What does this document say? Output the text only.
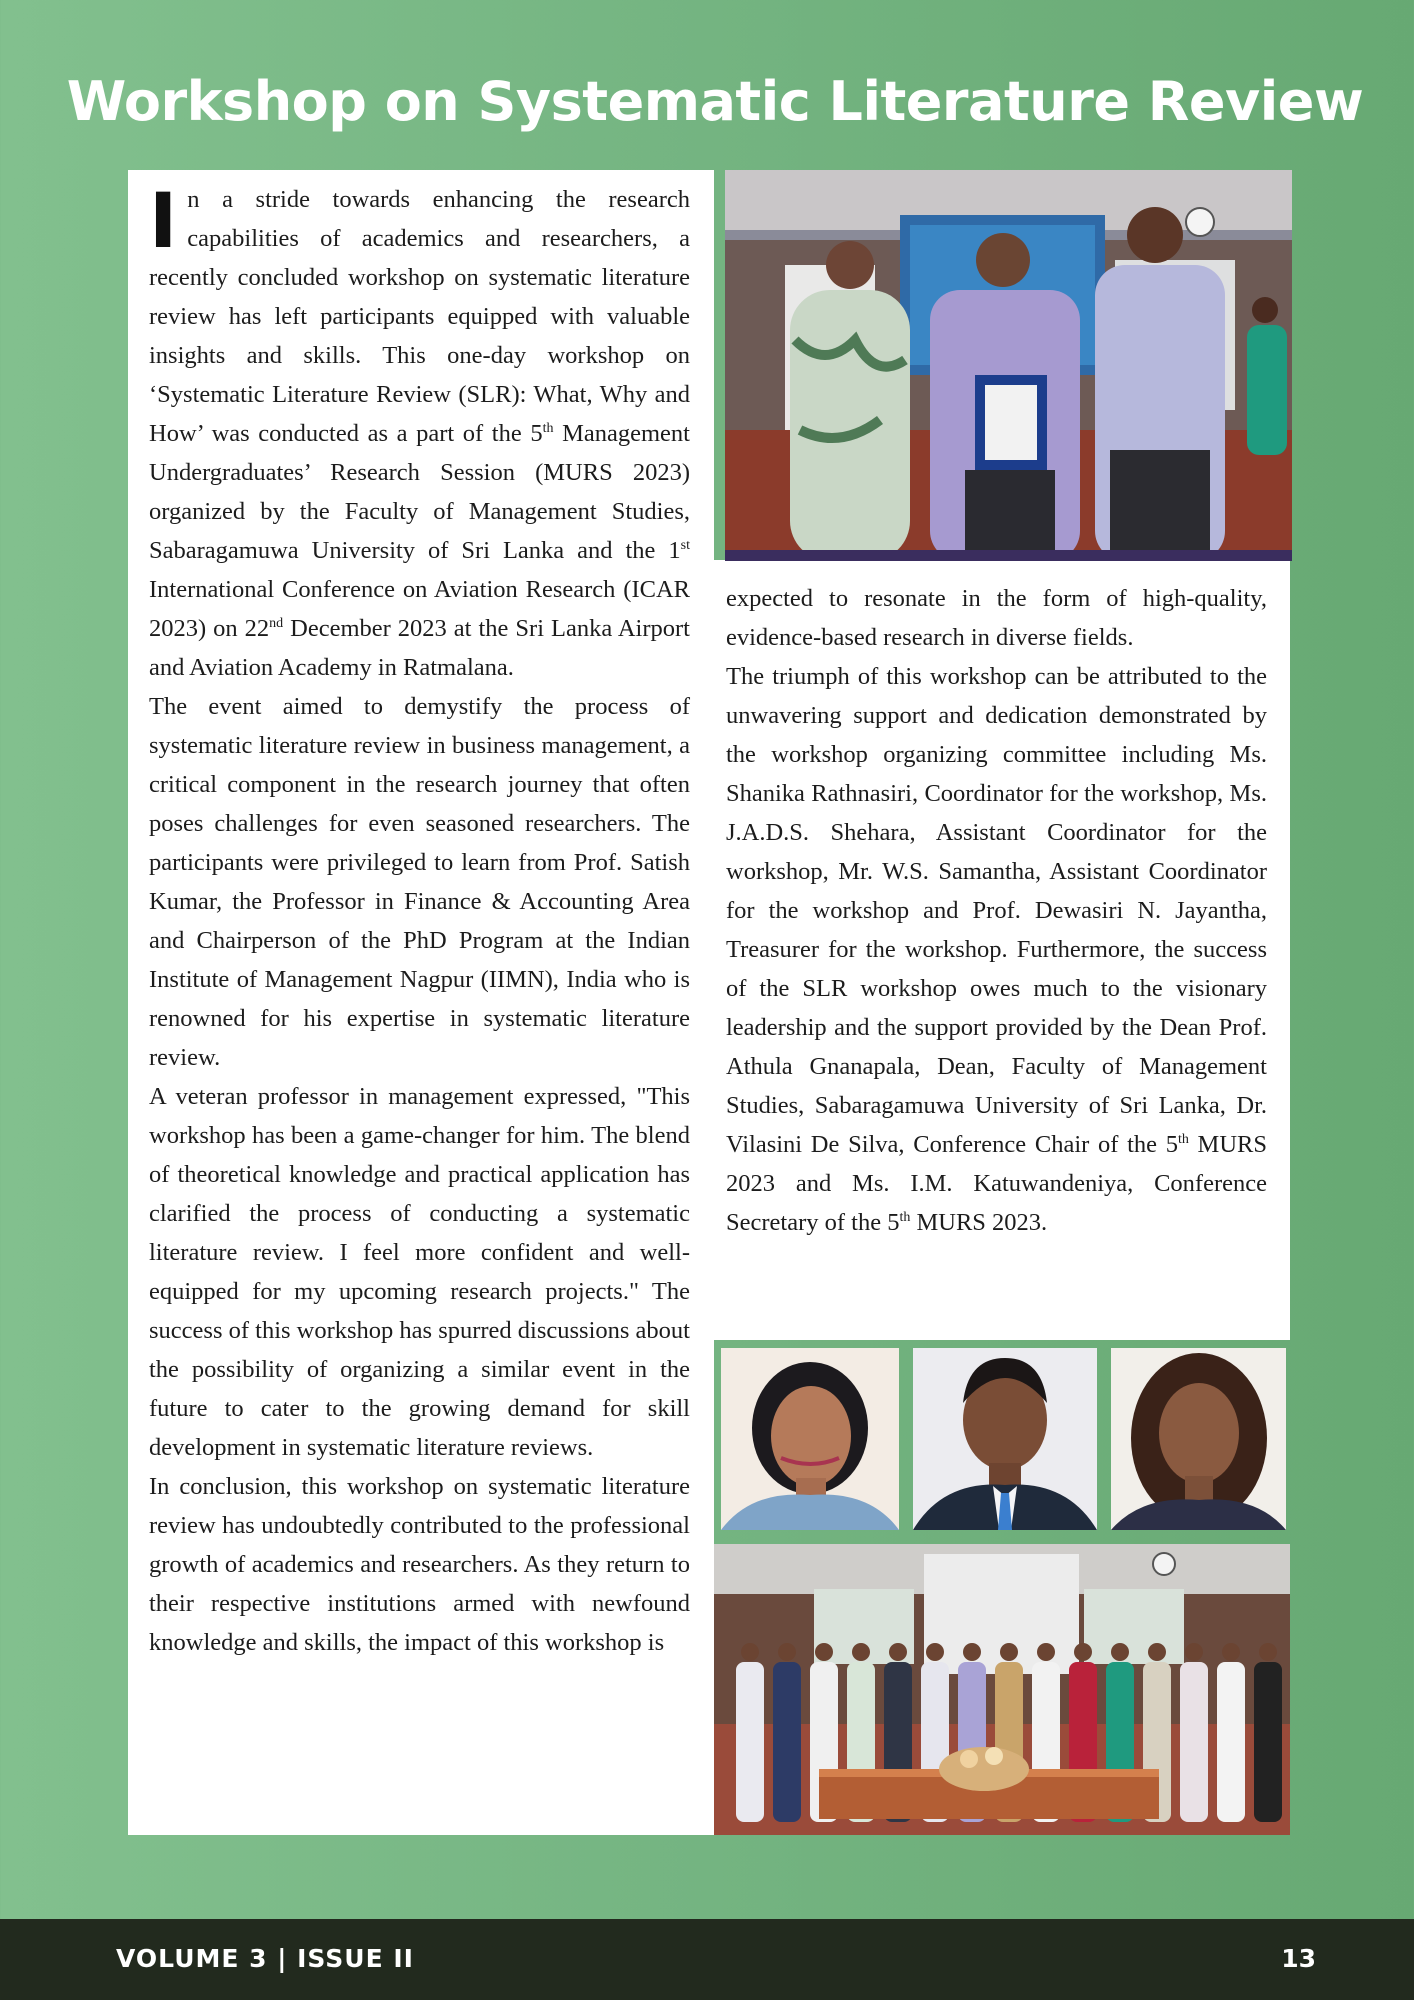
Workshop on Systematic Literature Review

In a stride towards enhancing the research capabilities of academics and researchers, a recently concluded workshop on systematic literature review has left participants equipped with valuable insights and skills. This one-day workshop on ‘Systematic Literature Review (SLR): What, Why and How’ was conducted as a part of the 5th Management Undergraduates’ Research Session (MURS 2023) organized by the Faculty of Management Studies, Sabaragamuwa University of Sri Lanka and the 1st International Conference on Aviation Research (ICAR 2023) on 22nd December 2023 at the Sri Lanka Airport and Aviation Academy in Ratmalana.

The event aimed to demystify the process of systematic literature review in business management, a critical component in the research journey that often poses challenges for even seasoned researchers. The participants were privileged to learn from Prof. Satish Kumar, the Professor in Finance & Accounting Area and Chairperson of the PhD Program at the Indian Institute of Management Nagpur (IIMN), India who is renowned for his expertise in systematic literature review.

A veteran professor in management expressed, "This workshop has been a game-changer for him. The blend of theoretical knowledge and practical application has clarified the process of conducting a systematic literature review. I feel more confident and well-equipped for my upcoming research projects." The success of this workshop has spurred discussions about the possibility of organizing a similar event in the future to cater to the growing demand for skill development in systematic literature reviews.

In conclusion, this workshop on systematic literature review has undoubtedly contributed to the professional growth of academics and researchers. As they return to their respective institutions armed with newfound knowledge and skills, the impact of this workshop is

expected to resonate in the form of high-quality, evidence-based research in diverse fields.

The triumph of this workshop can be attributed to the unwavering support and dedication demonstrated by the workshop organizing committee including Ms. Shanika Rathnasiri, Coordinator for the workshop, Ms. J.A.D.S. Shehara, Assistant Coordinator for the workshop, Mr. W.S. Samantha, Assistant Coordinator for the workshop and Prof. Dewasiri N. Jayantha, Treasurer for the workshop. Furthermore, the success of the SLR workshop owes much to the visionary leadership and the support provided by the Dean Prof. Athula Gnanapala, Dean, Faculty of Management Studies, Sabaragamuwa University of Sri Lanka, Dr. Vilasini De Silva, Conference Chair of the 5th MURS 2023 and Ms. I.M. Katuwandeniya, Conference Secretary of the 5th MURS 2023.

VOLUME 3 | ISSUE II	13
